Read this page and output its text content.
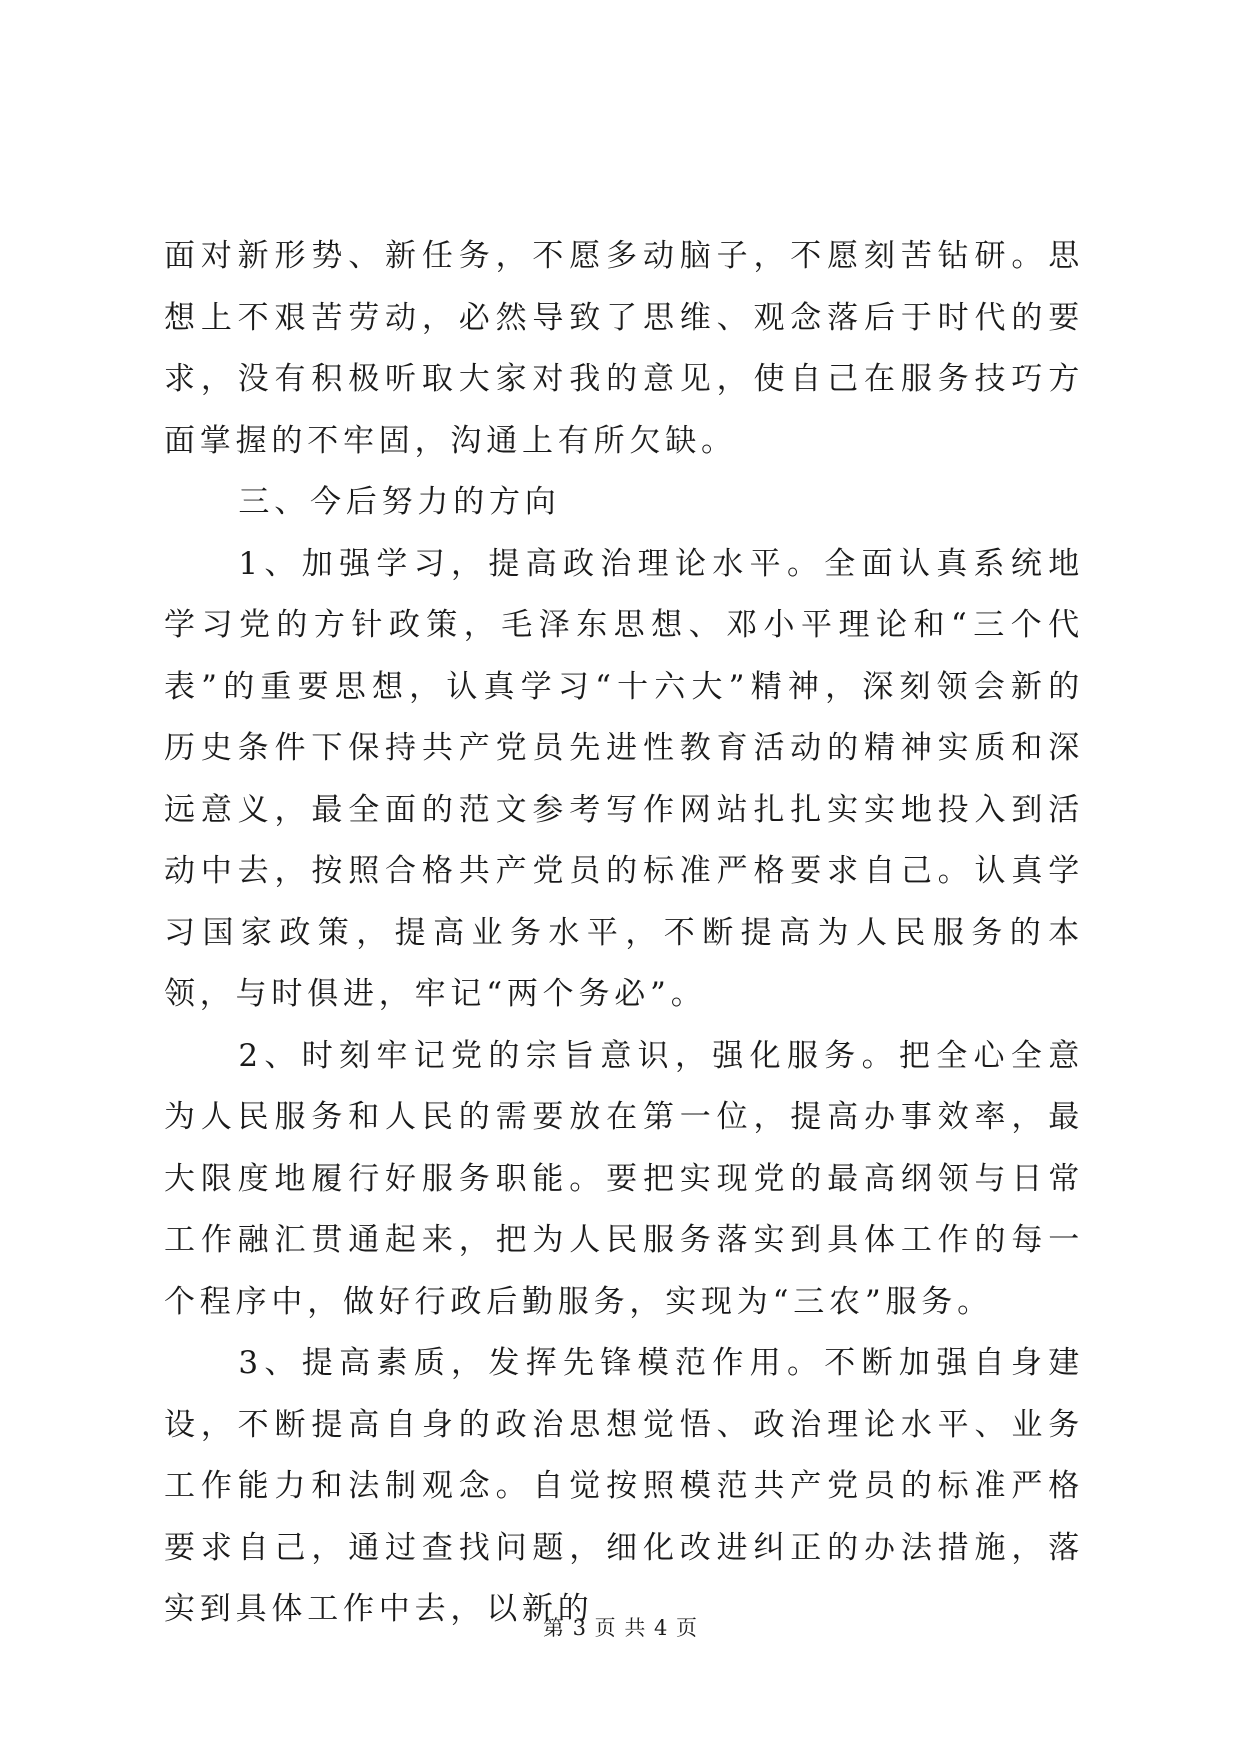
面对新形势、新任务，不愿多动脑子，不愿刻苦钻研。思想上不艰苦劳动，必然导致了思维、观念落后于时代的要求，没有积极听取大家对我的意见，使自己在服务技巧方面掌握的不牢固，沟通上有所欠缺。

三、今后努力的方向

1、加强学习，提高政治理论水平。全面认真系统地学习党的方针政策，毛泽东思想、邓小平理论和“三个代表”的重要思想，认真学习“十六大”精神，深刻领会新的历史条件下保持共产党员先进性教育活动的精神实质和深远意义，最全面的范文参考写作网站扎扎实实地投入到活动中去，按照合格共产党员的标准严格要求自己。认真学习国家政策，提高业务水平，不断提高为人民服务的本领，与时俱进，牢记“两个务必”。

2、时刻牢记党的宗旨意识，强化服务。把全心全意为人民服务和人民的需要放在第一位，提高办事效率，最大限度地履行好服务职能。要把实现党的最高纲领与日常工作融汇贯通起来，把为人民服务落实到具体工作的每一个程序中，做好行政后勤服务，实现为“三农”服务。

3、提高素质，发挥先锋模范作用。不断加强自身建设，不断提高自身的政治思想觉悟、政治理论水平、业务工作能力和法制观念。自觉按照模范共产党员的标准严格要求自己，通过查找问题，细化改进纠正的办法措施，落实到具体工作中去，以新的

第 3 页 共 4 页
